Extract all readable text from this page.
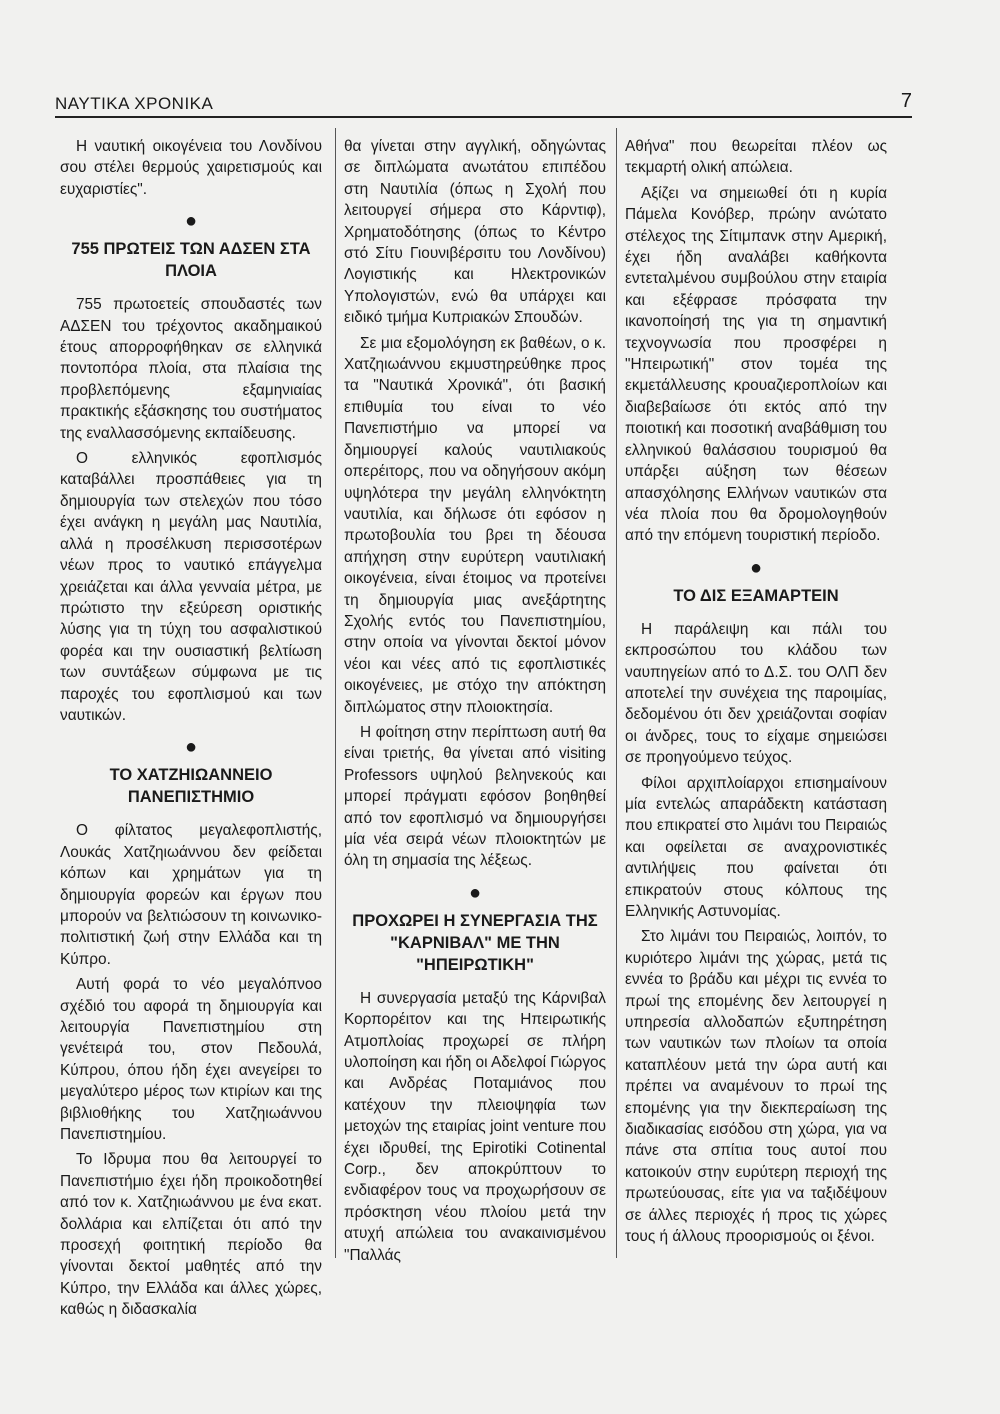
ΝΑΥΤΙΚΑ ΧΡΟΝΙΚΑ	7

Η ναυτική οικογένεια του Λονδίνου σου στέλει θερμούς χαιρετισμούς και ευχαριστίες".

●
755 ΠΡΩΤΕΙΣ ΤΩΝ ΑΔΣΕΝ ΣΤΑ ΠΛΟΙΑ

755 πρωτοετείς σπουδαστές των ΑΔΣΕΝ του τρέχοντος ακαδημαικού έτους απορροφήθηκαν σε ελληνικά ποντοπόρα πλοία, στα πλαίσια της προβλεπόμενης εξαμηνιαίας πρακτικής εξάσκησης του συστήματος της εναλλασσόμενης εκπαίδευσης.

Ο ελληνικός εφοπλισμός καταβάλλει προσπάθειες για τη δημιουργία των στελεχών που τόσο έχει ανάγκη η μεγάλη μας Ναυτιλία, αλλά η προσέλκυση περισσοτέρων νέων προς το ναυτικό επάγγελμα χρειάζεται και άλλα γενναία μέτρα, με πρώτιστο την εξεύρεση οριστικής λύσης για τη τύχη του ασφαλιστικού φορέα και την ουσιαστική βελτίωση των συντάξεων σύμφωνα με τις παροχές του εφοπλισμού και των ναυτικών.

●
ΤΟ ΧΑΤΖΗΙΩΑΝΝΕΙΟ ΠΑΝΕΠΙΣΤΗΜΙΟ

Ο φίλτατος μεγαλεφοπλιστής, Λουκάς Χατζηιωάννου δεν φείδεται κόπων και χρημάτων για τη δημιουργία φορεών και έργων που μπορούν να βελτιώσουν τη κοινωνικο-πολιτιστική ζωή στην Ελλάδα και τη Κύπρο.

Αυτή φορά το νέο μεγαλόπνοο σχέδιό του αφορά τη δημιουργία και λειτουργία Πανεπιστημίου στη γενέτειρά του, στον Πεδουλά, Κύπρου, όπου ήδη έχει ανεγείρει το μεγαλύτερο μέρος των κτιρίων και της βιβλιοθήκης του Χατζηιωάννου Πανεπιστημίου.

Το Ιδρυμα που θα λειτουργεί το Πανεπιστήμιο έχει ήδη προικοδοτηθεί από τον κ. Χατζηιωάννου με ένα εκατ. δολλάρια και ελπίζεται ότι από την προσεχή φοιτητική περίοδο θα γίνονται δεκτοί μαθητές από την Κύπρο, την Ελλάδα και άλλες χώρες, καθώς η διδασκαλία

θα γίνεται στην αγγλική, οδηγώντας σε διπλώματα ανωτάτου επιπέδου στη Ναυτιλία (όπως η Σχολή που λειτουργεί σήμερα στο Κάρντιφ), Χρηματοδότησης (όπως το Κέντρο στό Σίτυ Γιουνιβέρσιτυ του Λονδίνου) Λογιστικής και Ηλεκτρονικών Υπολογιστών, ενώ θα υπάρχει και ειδικό τμήμα Κυπριακών Σπουδών.

Σε μια εξομολόγηση εκ βαθέων, ο κ. Χατζηιωάννου εκμυστηρεύθηκε προς τα "Ναυτικά Χρονικά", ότι βασική επιθυμία του είναι το νέο Πανεπιστήμιο να μπορεί να δημιουργεί καλούς ναυτιλιακούς οπερέιτορς, που να οδηγήσουν ακόμη υψηλότερα την μεγάλη ελληνόκτητη ναυτιλία, και δήλωσε ότι εφόσον η πρωτοβουλία του βρει τη δέουσα απήχηση στην ευρύτερη ναυτιλιακή οικογένεια, είναι έτοιμος να προτείνει τη δημιουργία μιας ανεξάρτητης Σχολής εντός του Πανεπιστημίου, στην οποία να γίνονται δεκτοί μόνον νέοι και νέες από τις εφοπλιστικές οικογένειες, με στόχο την απόκτηση διπλώματος στην πλοιοκτησία.

Η φοίτηση στην περίπτωση αυτή θα είναι τριετής, θα γίνεται από visiting Professors υψηλού βεληνεκούς και μπορεί πράγματι εφόσον βοηθηθεί από τον εφοπλισμό να δημιουργήσει μία νέα σειρά νέων πλοιοκτητών με όλη τη σημασία της λέξεως.

●
ΠΡΟΧΩΡΕΙ Η ΣΥΝΕΡΓΑΣΙΑ ΤΗΣ "ΚΑΡΝΙΒΑΛ" ΜΕ ΤΗΝ "ΗΠΕΙΡΩΤΙΚΗ"

Η συνεργασία μεταξύ της Κάρνιβαλ Κορπορέιτον και της Ηπειρωτικής Ατμοπλοίας προχωρεί σε πλήρη υλοποίηση και ήδη οι Αδελφοί Γιώργος και Ανδρέας Ποταμιάνος που κατέχουν την πλειοψηφία των μετοχών της εταιρίας joint venture που έχει ιδρυθεί, της Epirotiki Cotinental Corp., δεν αποκρύπτουν το ενδιαφέρον τους να προχωρήσουν σε πρόσκτηση νέου πλοίου μετά την ατυχή απώλεια του ανακαινισμένου "Παλλάς

Αθήνα" που θεωρείται πλέον ως τεκμαρτή ολική απώλεια.

Αξίζει να σημειωθεί ότι η κυρία Πάμελα Κονόβερ, πρώην ανώτατο στέλεχος της Σίτιμπανκ στην Αμερική, έχει ήδη αναλάβει καθήκοντα εντεταλμένου συμβούλου στην εταιρία και εξέφρασε πρόσφατα την ικανοποίησή της για τη σημαντική τεχνογνωσία που προσφέρει η "Ηπειρωτική" στον τομέα της εκμετάλλευσης κρουαζιεροπλοίων και διαβεβαίωσε ότι εκτός από την ποιοτική και ποσοτική αναβάθμιση του ελληνικού θαλάσσιου τουρισμού θα υπάρξει αύξηση των θέσεων απασχόλησης Ελλήνων ναυτικών στα νέα πλοία που θα δρομολογηθούν από την επόμενη τουριστική περίοδο.

●
ΤΟ ΔΙΣ ΕΞΑΜΑΡΤΕΙΝ

Η παράλειψη και πάλι του εκπροσώπου του κλάδου των ναυπηγείων από το Δ.Σ. του ΟΛΠ δεν αποτελεί την συνέχεια της παροιμίας, δεδομένου ότι δεν χρειάζονται σοφίαν οι άνδρες, τους το είχαμε σημειώσει σε προηγούμενο τεύχος.

Φίλοι αρχιπλοίαρχοι επισημαίνουν μία εντελώς απαράδεκτη κατάσταση που επικρατεί στο λιμάνι του Πειραιώς και οφείλεται σε αναχρονιστικές αντιλήψεις που φαίνεται ότι επικρατούν στους κόλπους της Ελληνικής Αστυνομίας.

Στο λιμάνι του Πειραιώς, λοιπόν, το κυριότερο λιμάνι της χώρας, μετά τις εννέα το βράδυ και μέχρι τις εννέα το πρωί της επομένης δεν λειτουργεί η υπηρεσία αλλοδαπών εξυπηρέτηση των ναυτικών των πλοίων τα οποία καταπλέουν μετά την ώρα αυτή και πρέπει να αναμένουν το πρωί της επομένης για την διεκπεραίωση της διαδικασίας εισόδου στη χώρα, για να πάνε στα σπίτια τους αυτοί που κατοικούν στην ευρύτερη περιοχή της πρωτεύουσας, είτε για να ταξιδέψουν σε άλλες περιοχές ή προς τις χώρες τους ή άλλους προορισμούς οι ξένοι.
